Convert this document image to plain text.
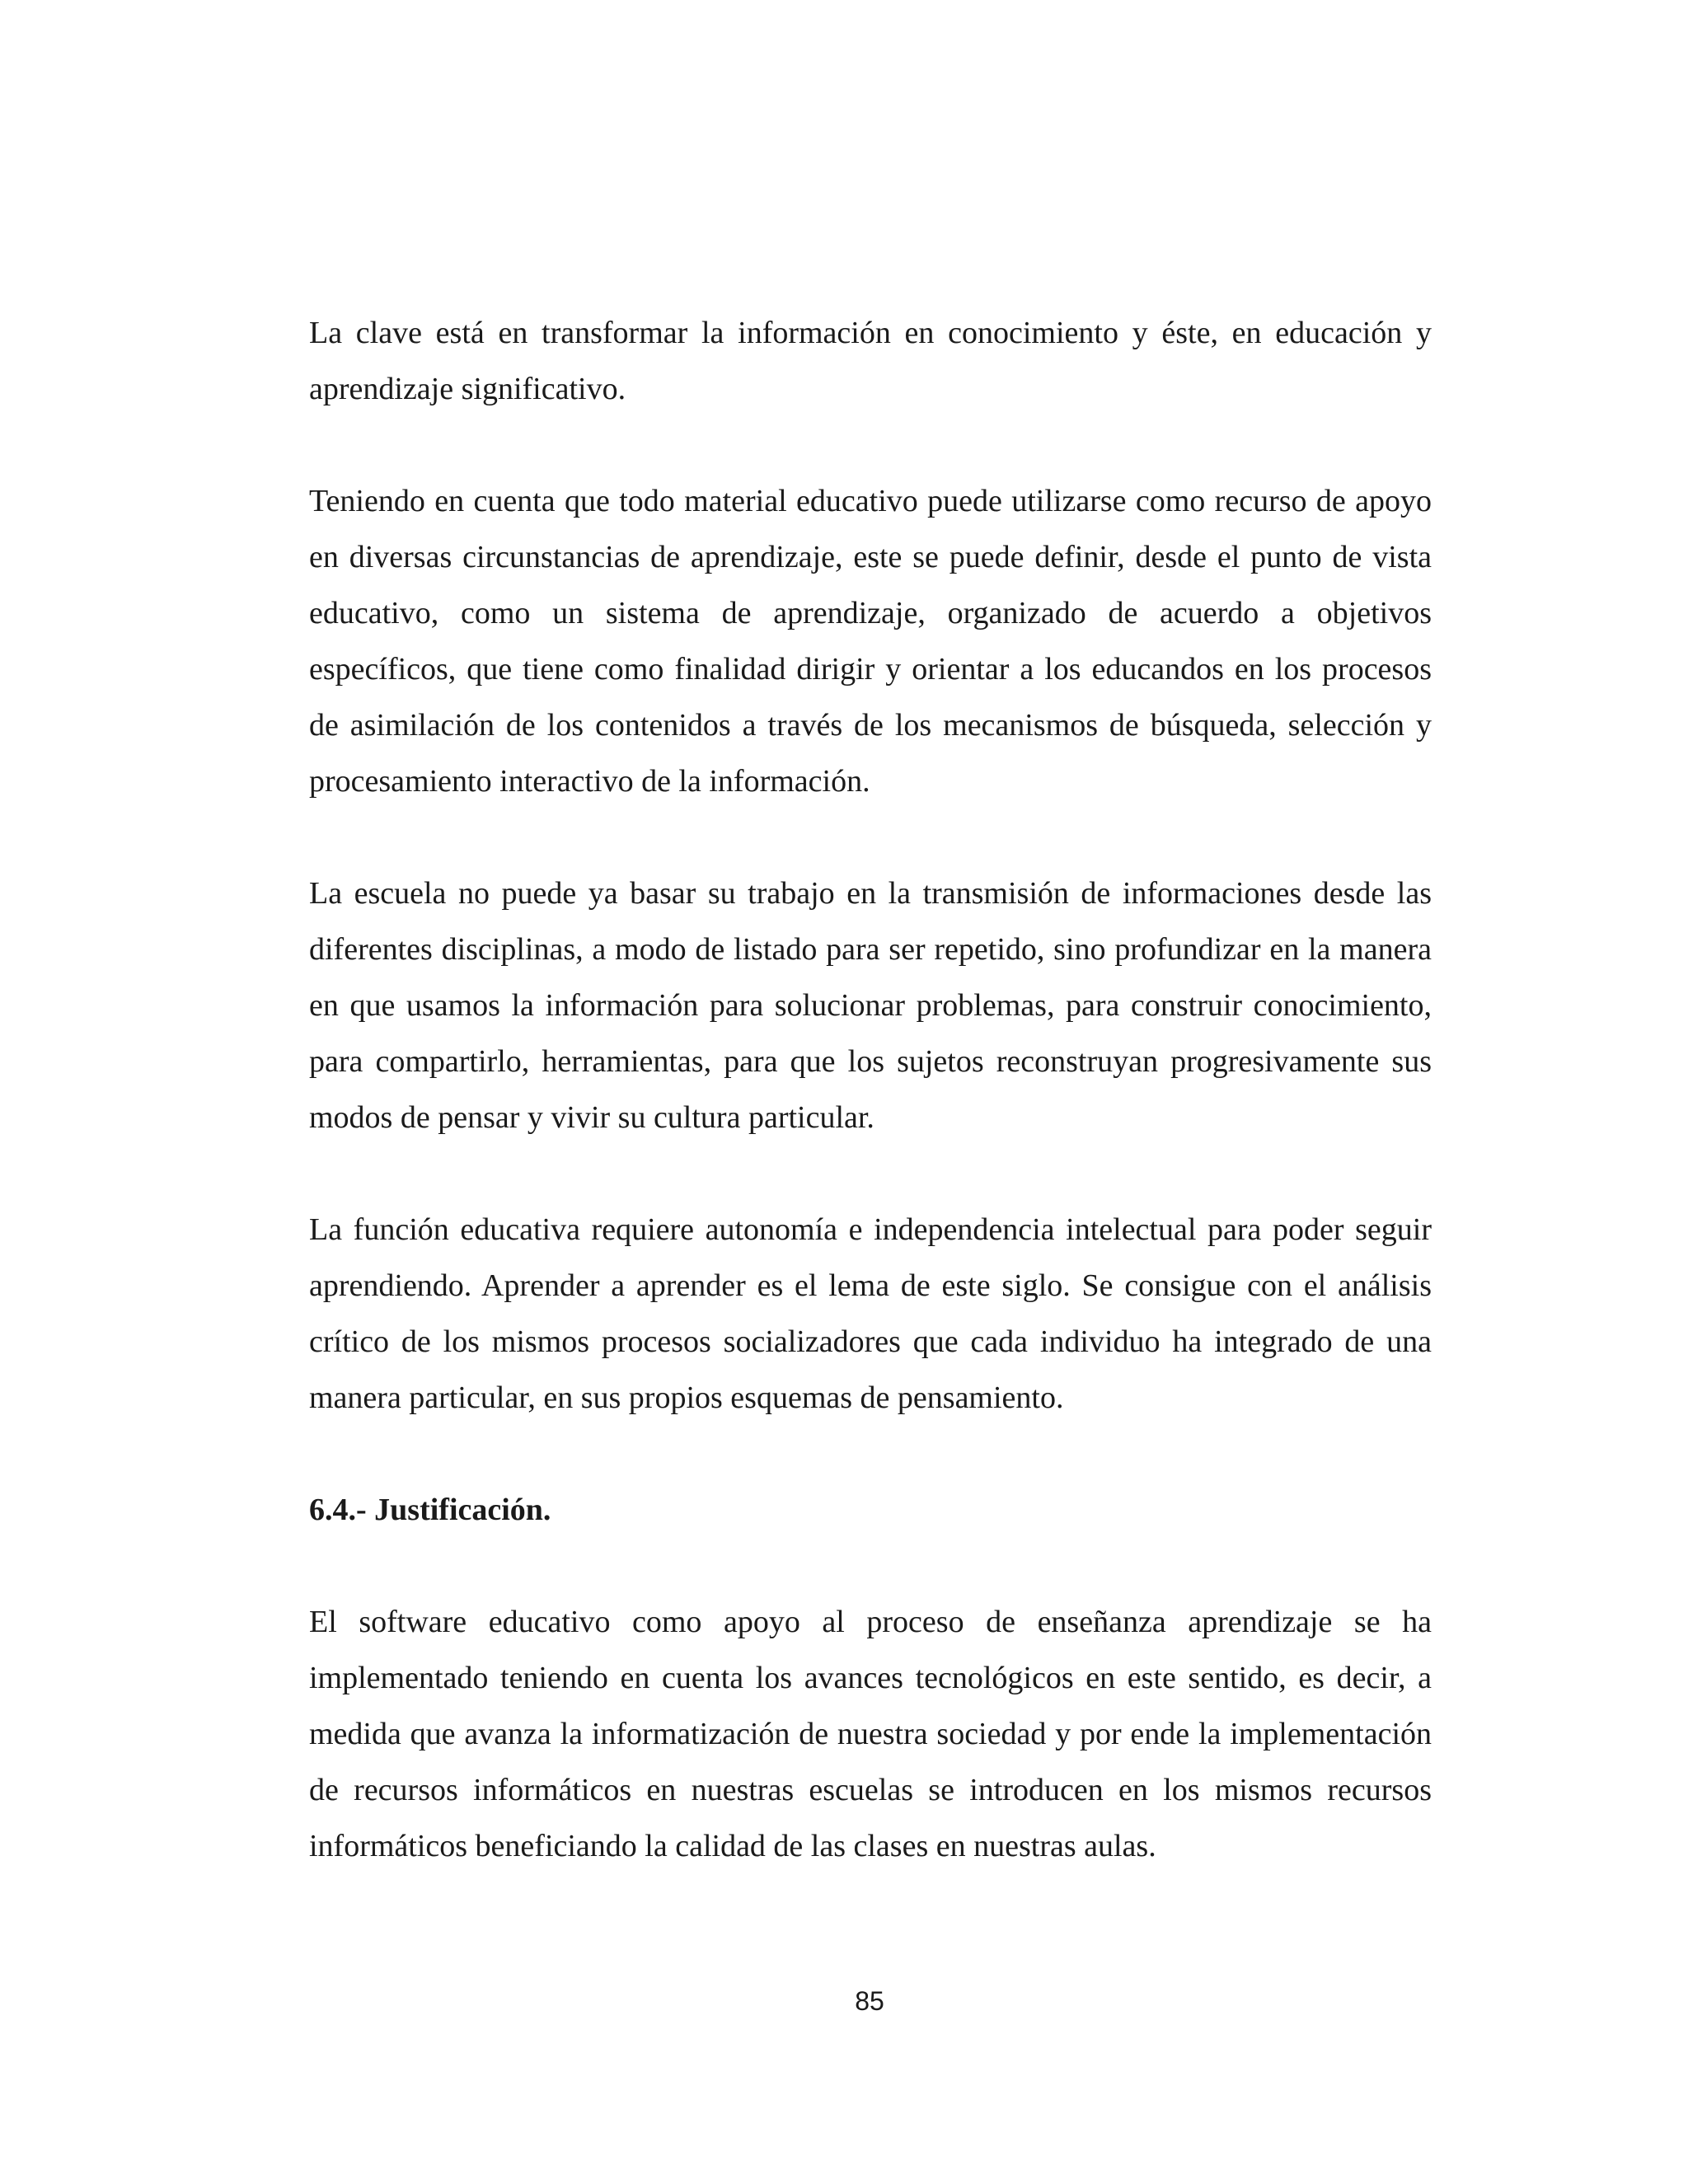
La clave está en transformar la información en conocimiento y éste, en educación y aprendizaje significativo.

Teniendo en cuenta que todo material educativo puede utilizarse como recurso de apoyo en diversas circunstancias de aprendizaje, este se puede definir, desde el punto de vista educativo, como un sistema de aprendizaje, organizado de acuerdo a objetivos específicos, que tiene como finalidad dirigir y orientar a los educandos en los procesos de asimilación de los contenidos a través de los mecanismos de búsqueda, selección y procesamiento interactivo de la información.

La escuela no puede ya basar su trabajo en la transmisión de informaciones desde las diferentes disciplinas, a modo de listado para ser repetido, sino profundizar en la manera en que usamos la información para solucionar problemas, para construir conocimiento, para compartirlo, herramientas, para que los sujetos reconstruyan progresivamente sus modos de pensar y vivir su cultura particular.

La función educativa requiere autonomía e independencia intelectual para poder seguir aprendiendo. Aprender a aprender es el lema de este siglo. Se consigue con el análisis crítico de los mismos procesos socializadores que cada individuo ha integrado de una manera particular, en sus propios esquemas de pensamiento.

6.4.- Justificación.

El software educativo como apoyo al proceso de enseñanza aprendizaje se ha implementado teniendo en cuenta los avances tecnológicos en este sentido, es decir, a medida que avanza la informatización de nuestra sociedad y por ende la implementación de recursos informáticos en nuestras escuelas se introducen en los mismos recursos informáticos beneficiando la calidad de las clases en nuestras aulas.

85
